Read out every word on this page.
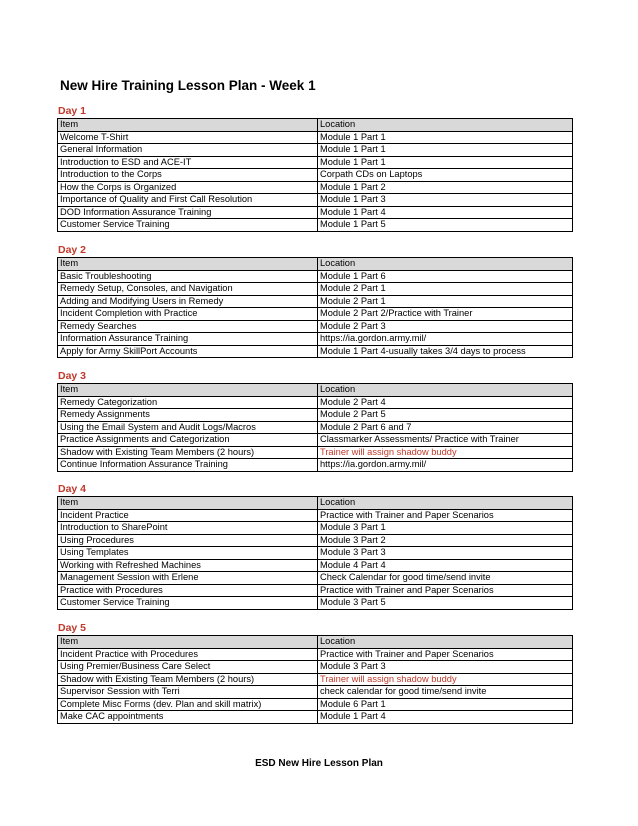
New Hire Training Lesson Plan - Week 1
Day 1
Item	Location
Welcome T-Shirt	Module 1 Part 1
General Information	Module 1 Part 1
Introduction to ESD and ACE-IT	Module 1 Part 1
Introduction to the Corps	Corpath CDs on Laptops
How the Corps is Organized	Module 1 Part 2
Importance of Quality and First Call Resolution	Module 1 Part 3
DOD Information Assurance Training	Module 1 Part 4
Customer Service Training	Module 1 Part 5
Day 2
Item	Location
Basic Troubleshooting	Module 1 Part 6
Remedy Setup, Consoles, and Navigation	Module 2 Part 1
Adding and Modifying Users in Remedy	Module 2 Part 1
Incident Completion with Practice	Module 2 Part 2/Practice with Trainer
Remedy Searches	Module 2 Part 3
Information Assurance Training	https://ia.gordon.army.mil/
Apply for Army SkillPort Accounts	Module 1 Part 4-usually takes 3/4 days to process
Day 3
Item	Location
Remedy Categorization	Module 2 Part 4
Remedy Assignments	Module 2 Part 5
Using the Email System and Audit Logs/Macros	Module 2 Part 6 and 7
Practice Assignments and Categorization	Classmarker Assessments/ Practice with Trainer
Shadow with Existing Team Members (2 hours)	Trainer will assign shadow buddy
Continue Information Assurance Training	https://ia.gordon.army.mil/
Day 4
Item	Location
Incident Practice	Practice with Trainer and Paper Scenarios
Introduction to SharePoint	Module 3 Part 1
Using Procedures	Module 3 Part 2
Using Templates	Module 3 Part 3
Working with Refreshed Machines	Module 4 Part 4
Management Session with Erlene	Check Calendar for good time/send invite
Practice with Procedures	Practice with Trainer and Paper Scenarios
Customer Service Training	Module 3 Part 5
Day 5
Item	Location
Incident Practice with Procedures	Practice with Trainer and Paper Scenarios
Using Premier/Business Care Select	Module 3 Part 3
Shadow with Existing Team Members (2 hours)	Trainer will assign shadow buddy
Supervisor Session with Terri	check calendar for good time/send invite
Complete Misc Forms (dev. Plan and skill matrix)	Module 6 Part 1
Make CAC appointments	Module 1 Part 4
ESD New Hire Lesson Plan
